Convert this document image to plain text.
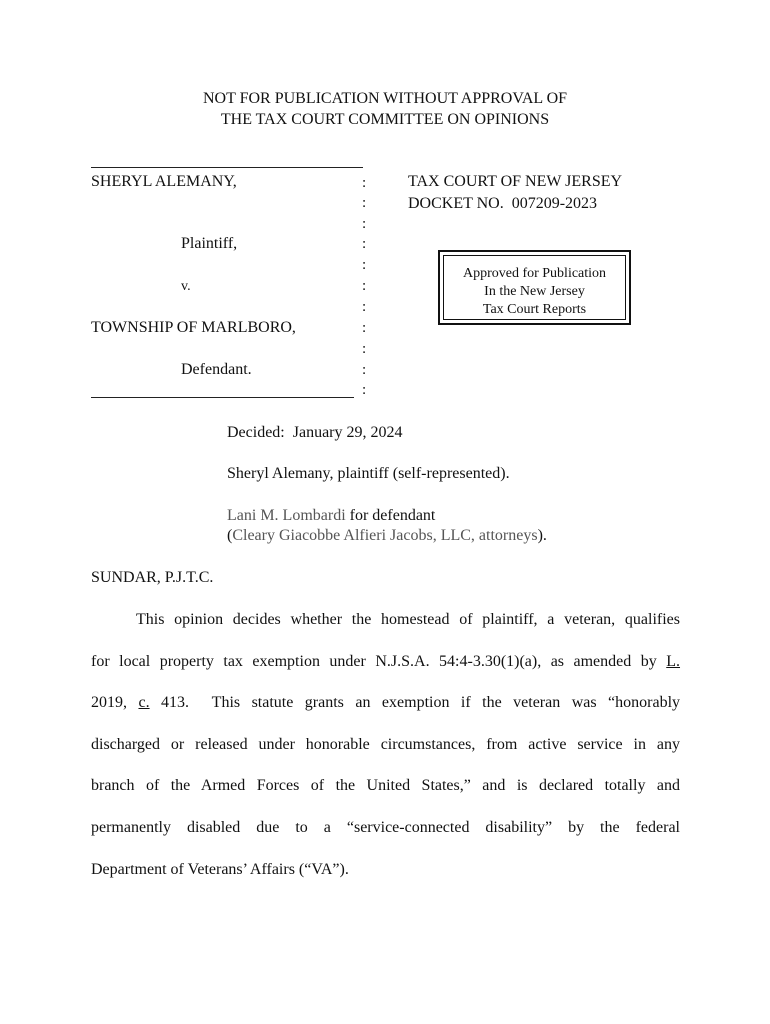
NOT FOR PUBLICATION WITHOUT APPROVAL OF
THE TAX COURT COMMITTEE ON OPINIONS
SHERYL ALEMANY,
Plaintiff,
v.
TOWNSHIP OF MARLBORO,
Defendant.
:
:
:
:
:
:
:
:
:
:
:
TAX COURT OF NEW JERSEY
DOCKET NO.  007209-2023
Approved for Publication
In the New Jersey
Tax Court Reports
Decided:  January 29, 2024
Sheryl Alemany, plaintiff (self-represented).
Lani M. Lombardi for defendant
(Cleary Giacobbe Alfieri Jacobs, LLC, attorneys).
SUNDAR, P.J.T.C.
This opinion decides whether the homestead of plaintiff, a veteran, qualifies
for local property tax exemption under N.J.S.A. 54:4-3.30(1)(a), as amended by L.
2019, c. 413.  This statute grants an exemption if the veteran was “honorably
discharged or released under honorable circumstances, from active service in any
branch of the Armed Forces of the United States,” and is declared totally and
permanently disabled due to a “service-connected disability” by the federal
Department of Veterans’ Affairs (“VA”).
